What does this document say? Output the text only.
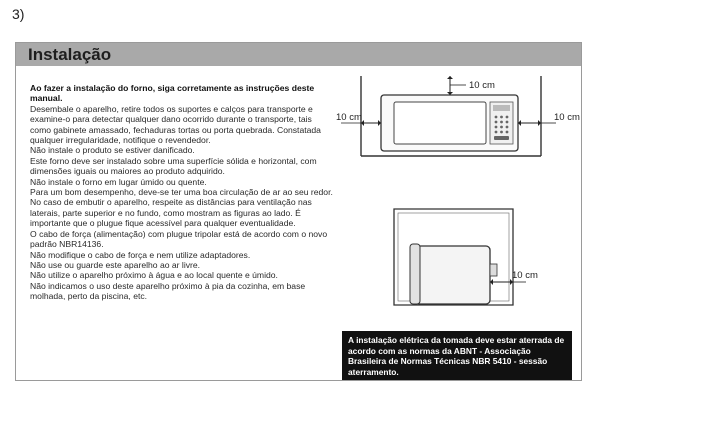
3)
Instalação

Ao fazer a instalação do forno, siga corretamente as instruções deste manual.

Desembale o aparelho, retire todos os suportes e calços para transporte e examine-o para detectar qualquer dano ocorrido durante o transporte, tais como gabinete amassado, fechaduras tortas ou porta quebrada. Constatada qualquer irregularidade, notifique o revendedor.

Não instale o produto se estiver danificado.

Este forno deve ser instalado sobre uma superfície sólida e horizontal, com dimensões iguais ou maiores ao produto adquirido.

Não instale o forno em lugar úmido ou quente.

Para um bom desempenho, deve-se ter uma boa circulação de ar ao seu redor.

No caso de embutir o aparelho, respeite as distâncias para ventilação nas laterais, parte superior e no fundo, como mostram as figuras ao lado. É importante que o plugue fique acessível para qualquer eventualidade.

O cabo de força (alimentação) com plugue tripolar está de acordo com o novo padrão NBR14136.

Não modifique o cabo de força e nem utilize adaptadores.

Não use ou guarde este aparelho ao ar livre.

Não utilize o aparelho próximo à água e ao local quente e úmido.

Não indicamos o uso deste aparelho próximo à pia da cozinha, em base molhada, perto da piscina, etc.

10 cm
10 cm	10 cm
10 cm
A instalação elétrica da tomada deve estar aterrada de acordo com as normas da ABNT - Associação Brasileira de Normas Técnicas NBR 5410 - sessão aterramento.
